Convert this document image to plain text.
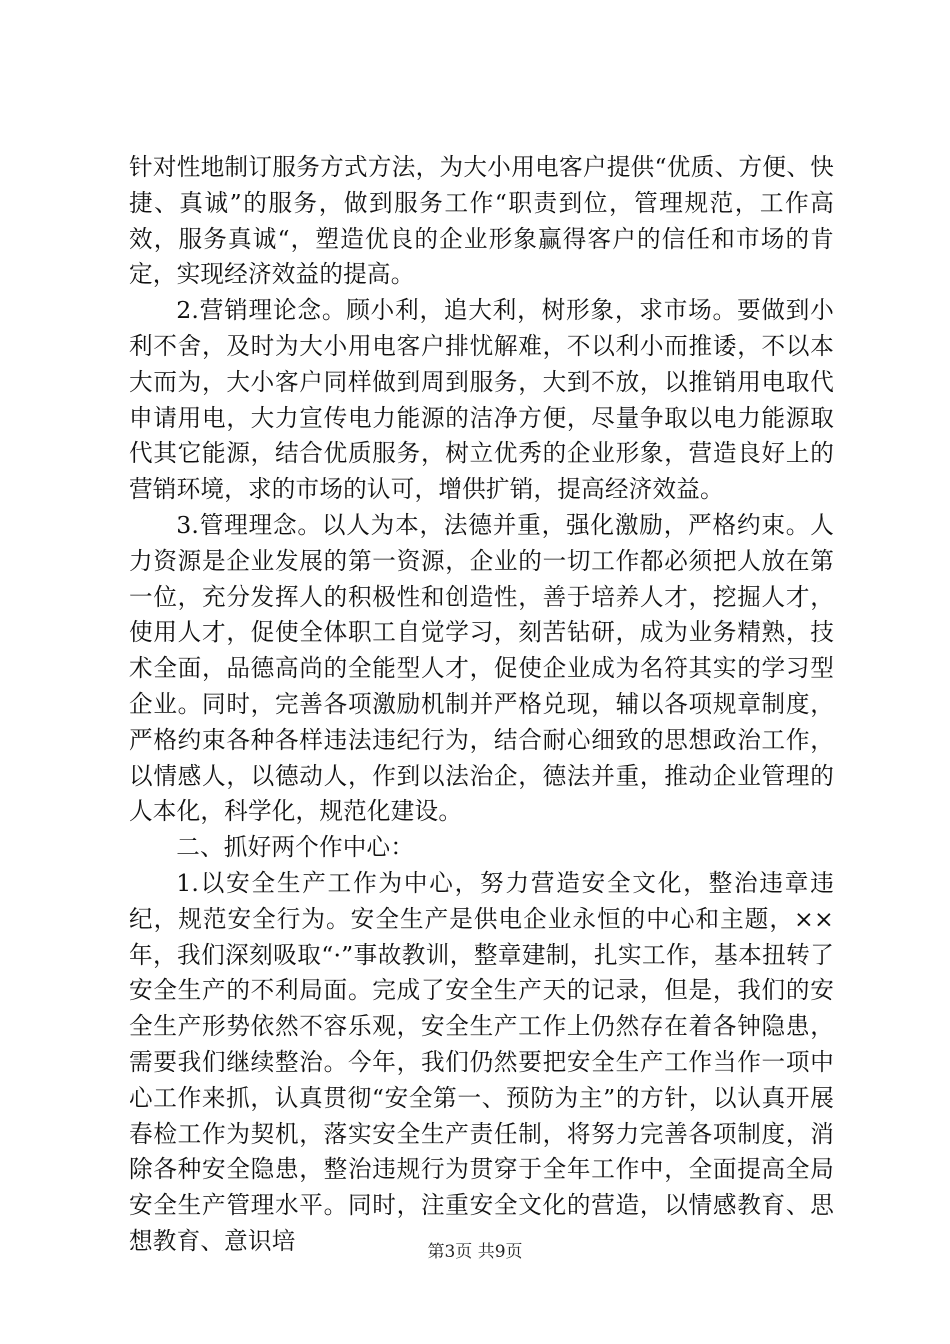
针对性地制订服务方式方法，为大小用电客户提供“优质、方便、快捷、真诚”的服务，做到服务工作“职责到位，管理规范，工作高效，服务真诚“，塑造优良的企业形象赢得客户的信任和市场的肯定，实现经济效益的提高。

2.营销理论念。顾小利，追大利，树形象，求市场。要做到小利不舍，及时为大小用电客户排忧解难，不以利小而推诿，不以本大而为，大小客户同样做到周到服务，大到不放，以推销用电取代申请用电，大力宣传电力能源的洁净方便，尽量争取以电力能源取代其它能源，结合优质服务，树立优秀的企业形象，营造良好上的营销环境，求的市场的认可，增供扩销，提高经济效益。

3.管理理念。以人为本，法德并重，强化激励，严格约束。人力资源是企业发展的第一资源，企业的一切工作都必须把人放在第一位，充分发挥人的积极性和创造性，善于培养人才，挖掘人才，使用人才，促使全体职工自觉学习，刻苦钻研，成为业务精熟，技术全面，品德高尚的全能型人才，促使企业成为名符其实的学习型企业。同时，完善各项激励机制并严格兑现，辅以各项规章制度，严格约束各种各样违法违纪行为，结合耐心细致的思想政治工作，以情感人，以德动人，作到以法治企，德法并重，推动企业管理的人本化，科学化，规范化建设。

二、抓好两个作中心：

1.以安全生产工作为中心，努力营造安全文化，整治违章违纪，规范安全行为。安全生产是供电企业永恒的中心和主题，××年，我们深刻吸取“·”事故教训，整章建制，扎实工作，基本扭转了安全生产的不利局面。完成了安全生产天的记录，但是，我们的安全生产形势依然不容乐观，安全生产工作上仍然存在着各钟隐患，需要我们继续整治。今年，我们仍然要把安全生产工作当作一项中心工作来抓，认真贯彻“安全第一、预防为主”的方针，以认真开展春检工作为契机，落实安全生产责任制，将努力完善各项制度，消除各种安全隐患，整治违规行为贯穿于全年工作中，全面提高全局安全生产管理水平。同时，注重安全文化的营造，以情感教育、思想教育、意识培	第3页 共9页
